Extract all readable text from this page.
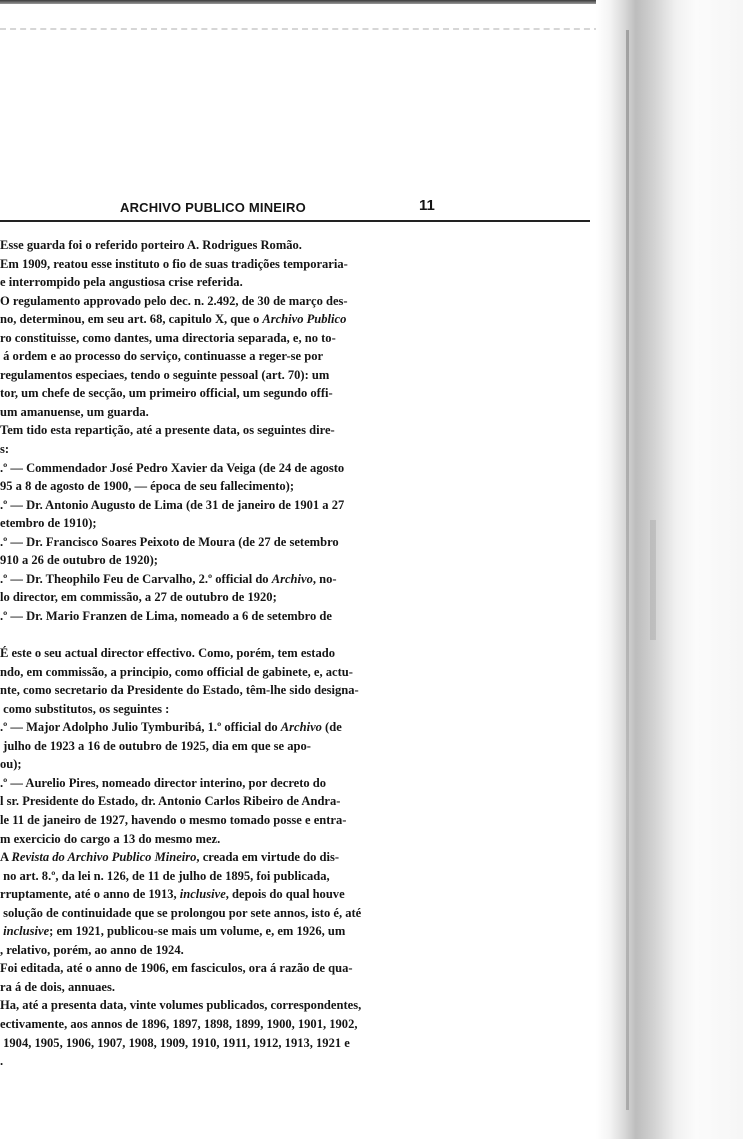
ARCHIVO PUBLICO MINEIRO	11
Esse guarda foi o referido porteiro A. Rodrigues Romão.
Em 1909, reatou esse instituto o fio de suas tradições temporaria-
e interrompido pela angustiosa crise referida.
O regulamento approvado pelo dec. n. 2.492, de 30 de março des-
no, determinou, em seu art. 68, capitulo X, que o Archivo Publico
ro constituisse, como dantes, uma directoria separada, e, no to-
á ordem e ao processo do serviço, continuasse a reger-se por
regulamentos especiaes, tendo o seguinte pessoal (art. 70): um
tor, um chefe de secção, um primeiro official, um segundo offi-
um amanuense, um guarda.
Tem tido esta repartição, até a presente data, os seguintes dire-
s:
.º — Commendador José Pedro Xavier da Veiga (de 24 de agosto
95 a 8 de agosto de 1900, — época de seu fallecimento);
.º — Dr. Antonio Augusto de Lima (de 31 de janeiro de 1901 a 27
etembro de 1910);
.º — Dr. Francisco Soares Peixoto de Moura (de 27 de setembro
910 a 26 de outubro de 1920);
.º — Dr. Theophilo Feu de Carvalho, 2.º official do Archivo, no-
lo director, em commissão, a 27 de outubro de 1920;
.º — Dr. Mario Franzen de Lima, nomeado a 6 de setembro de
É este o seu actual director effectivo. Como, porém, tem estado
ndo, em commissão, a principio, como official de gabinete, e, actu-
nte, como secretario da Presidente do Estado, têm-lhe sido designa-
como substitutos, os seguintes :
.º — Major Adolpho Julio Tymburibá, 1.º official do Archivo (de
julho de 1923 a 16 de outubro de 1925, dia em que se apo-
ou);
.º — Aurelio Pires, nomeado director interino, por decreto do
l sr. Presidente do Estado, dr. Antonio Carlos Ribeiro de Andra-
le 11 de janeiro de 1927, havendo o mesmo tomado posse e entra-
m exercicio do cargo a 13 do mesmo mez.
A Revista do Archivo Publico Mineiro, creada em virtude do dis-
no art. 8.º, da lei n. 126, de 11 de julho de 1895, foi publicada,
rruptamente, até o anno de 1913, inclusive, depois do qual houve
solução de continuidade que se prolongou por sete annos, isto é, até
inclusive; em 1921, publicou-se mais um volume, e, em 1926, um
, relativo, porém, ao anno de 1924.
Foi editada, até o anno de 1906, em fasciculos, ora á razão de qua-
ra á de dois, annuaes.
Ha, até a presenta data, vinte volumes publicados, correspondentes,
ectivamente, aos annos de 1896, 1897, 1898, 1899, 1900, 1901, 1902,
1904, 1905, 1906, 1907, 1908, 1909, 1910, 1911, 1912, 1913, 1921 e
.
